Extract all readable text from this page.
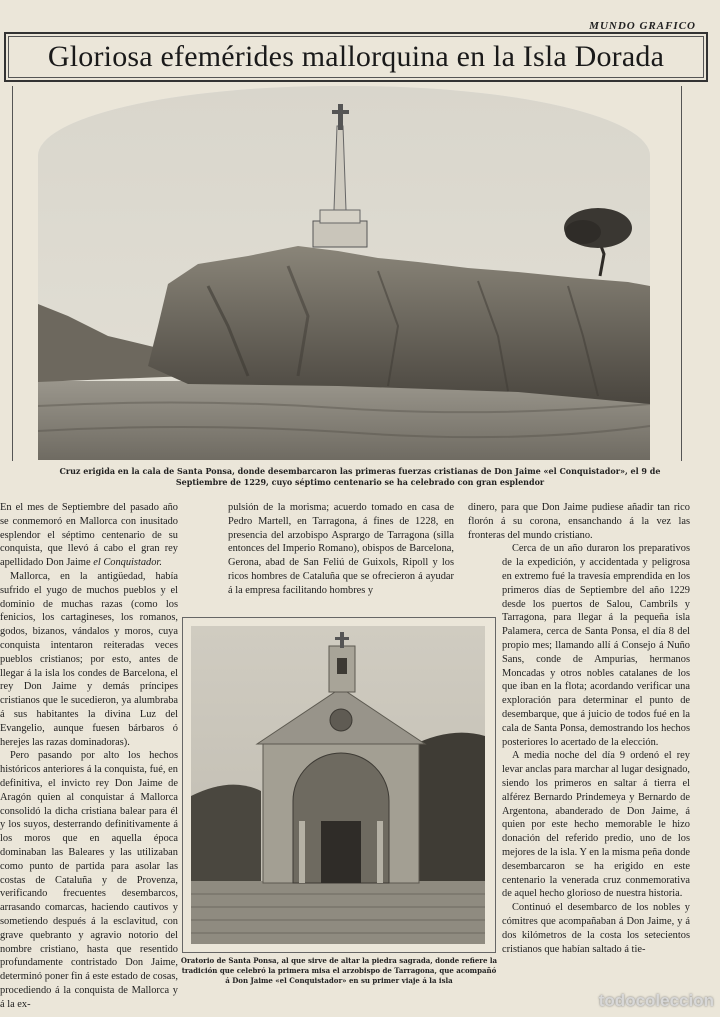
MUNDO GRAFICO
Gloriosa efemérides mallorquina en la Isla Dorada
Cruz erigida en la cala de Santa Ponsa, donde desembarcaron las primeras fuerzas cristianas de Don Jaime «el Conquistador», el 9 de Septiembre de 1229, cuyo séptimo centenario se ha celebrado con gran esplendor

En el mes de Septiembre del pasado año se conmemoró en Mallorca con inusitado esplendor el séptimo centenario de su conquista, que llevó á cabo el gran rey apellidado Don Jaime el Conquistador.

Mallorca, en la antigüedad, había sufrido el yugo de muchos pueblos y el dominio de muchas razas (como los fenicios, los cartagineses, los romanos, godos, bizanos, vándalos y moros, cuya conquista intentaron reiteradas veces pueblos cristianos; por esto, antes de llegar á la isla los condes de Barcelona, el rey Don Jaime y demás príncipes cristianos que le sucedieron, ya alumbraba á sus habitantes la divina Luz del Evangelio, aunque fuesen bárbaros ó herejes las razas dominadoras).

Pero pasando por alto los hechos históricos anteriores á la conquista, fué, en definitiva, el invicto rey Don Jaime de Aragón quien al conquistar á Mallorca consolidó la dicha cristiana balear para él y los suyos, desterrando definitivamente á los moros que en aquella época dominaban las Baleares y las utilizaban como punto de partida para asolar las costas de Cataluña y de Provenza, verificando frecuentes desembarcos, arrasando comarcas, haciendo cautivos y sometiendo después á la esclavitud, con grave quebranto y agravio notorio del nombre cristiano, hasta que resentido profundamente contristado Don Jaime, determinó poner fin á este estado de cosas, procediendo á la conquista de Mallorca y á la ex-

pulsión de la morisma; acuerdo tomado en casa de Pedro Martell, en Tarragona, á fines de 1228, en presencia del arzobispo Asprargo de Tarragona (silla entonces del Imperio Romano), obispos de Barcelona, Gerona, abad de San Feliú de Guixols, Ripoll y los ricos hombres de Cataluña que se ofrecieron á ayudar á la empresa facilitando hombres y

dinero, para que Don Jaime pudiese añadir tan rico florón á su corona, ensanchando á la vez las fronteras del mundo cristiano.

Cerca de un año duraron los preparativos de la expedición, y accidentada y peligrosa en extremo fué la travesía emprendida en los primeros días de Septiembre del año 1229 desde los puertos de Salou, Cambrils y Tarragona, para llegar á la pequeña isla Palamera, cerca de Santa Ponsa, el día 8 del propio mes; llamando allí á Consejo á Nuño Sans, conde de Ampurias, hermanos Moncadas y otros nobles catalanes de los que iban en la flota; acordando verificar una exploración para determinar el punto de desembarque, que á juicio de todos fué en la cala de Santa Ponsa, demostrando los hechos posteriores lo acertado de la elección.

A media noche del día 9 ordenó el rey levar anclas para marchar al lugar designado, siendo los primeros en saltar á tierra el alférez Bernardo Prindemeya y Bernardo de Argentona, abanderado de Don Jaime, á quien por este hecho memorable le hizo donación del referido predio, uno de los mejores de la isla. Y en la misma peña donde desembarcaron se ha erigido en este centenario la venerada cruz conmemorativa de aquel hecho glorioso de nuestra historia.

Continuó el desembarco de los nobles y cómitres que acompañaban á Don Jaime, y á dos kilómetros de la costa los setecientos cristianos que habían saltado á tie-

Oratorio de Santa Ponsa, al que sirve de altar la piedra sagrada, donde refiere la tradición que celebró la primera misa el arzobispo de Tarragona, que acompañó á Don Jaime «el Conquistador» en su primer viaje á la isla
todocoleccion
